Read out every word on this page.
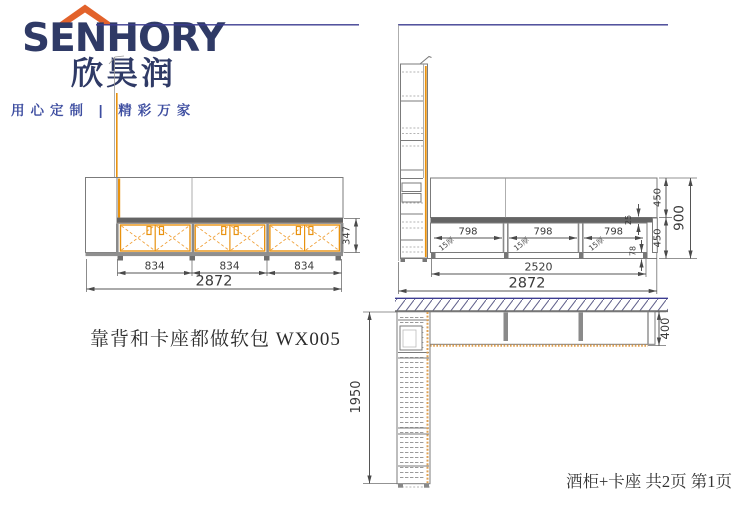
SENHORY
欣昊润
用心定制 | 精彩万家
834	834	834
2872
347	798	798	798
15厚	15厚	15厚
2520
2872
450
450
25
78
900
400
1950
靠背和卡座都做软包 WX005
酒柜+卡座 共2页 第1页
